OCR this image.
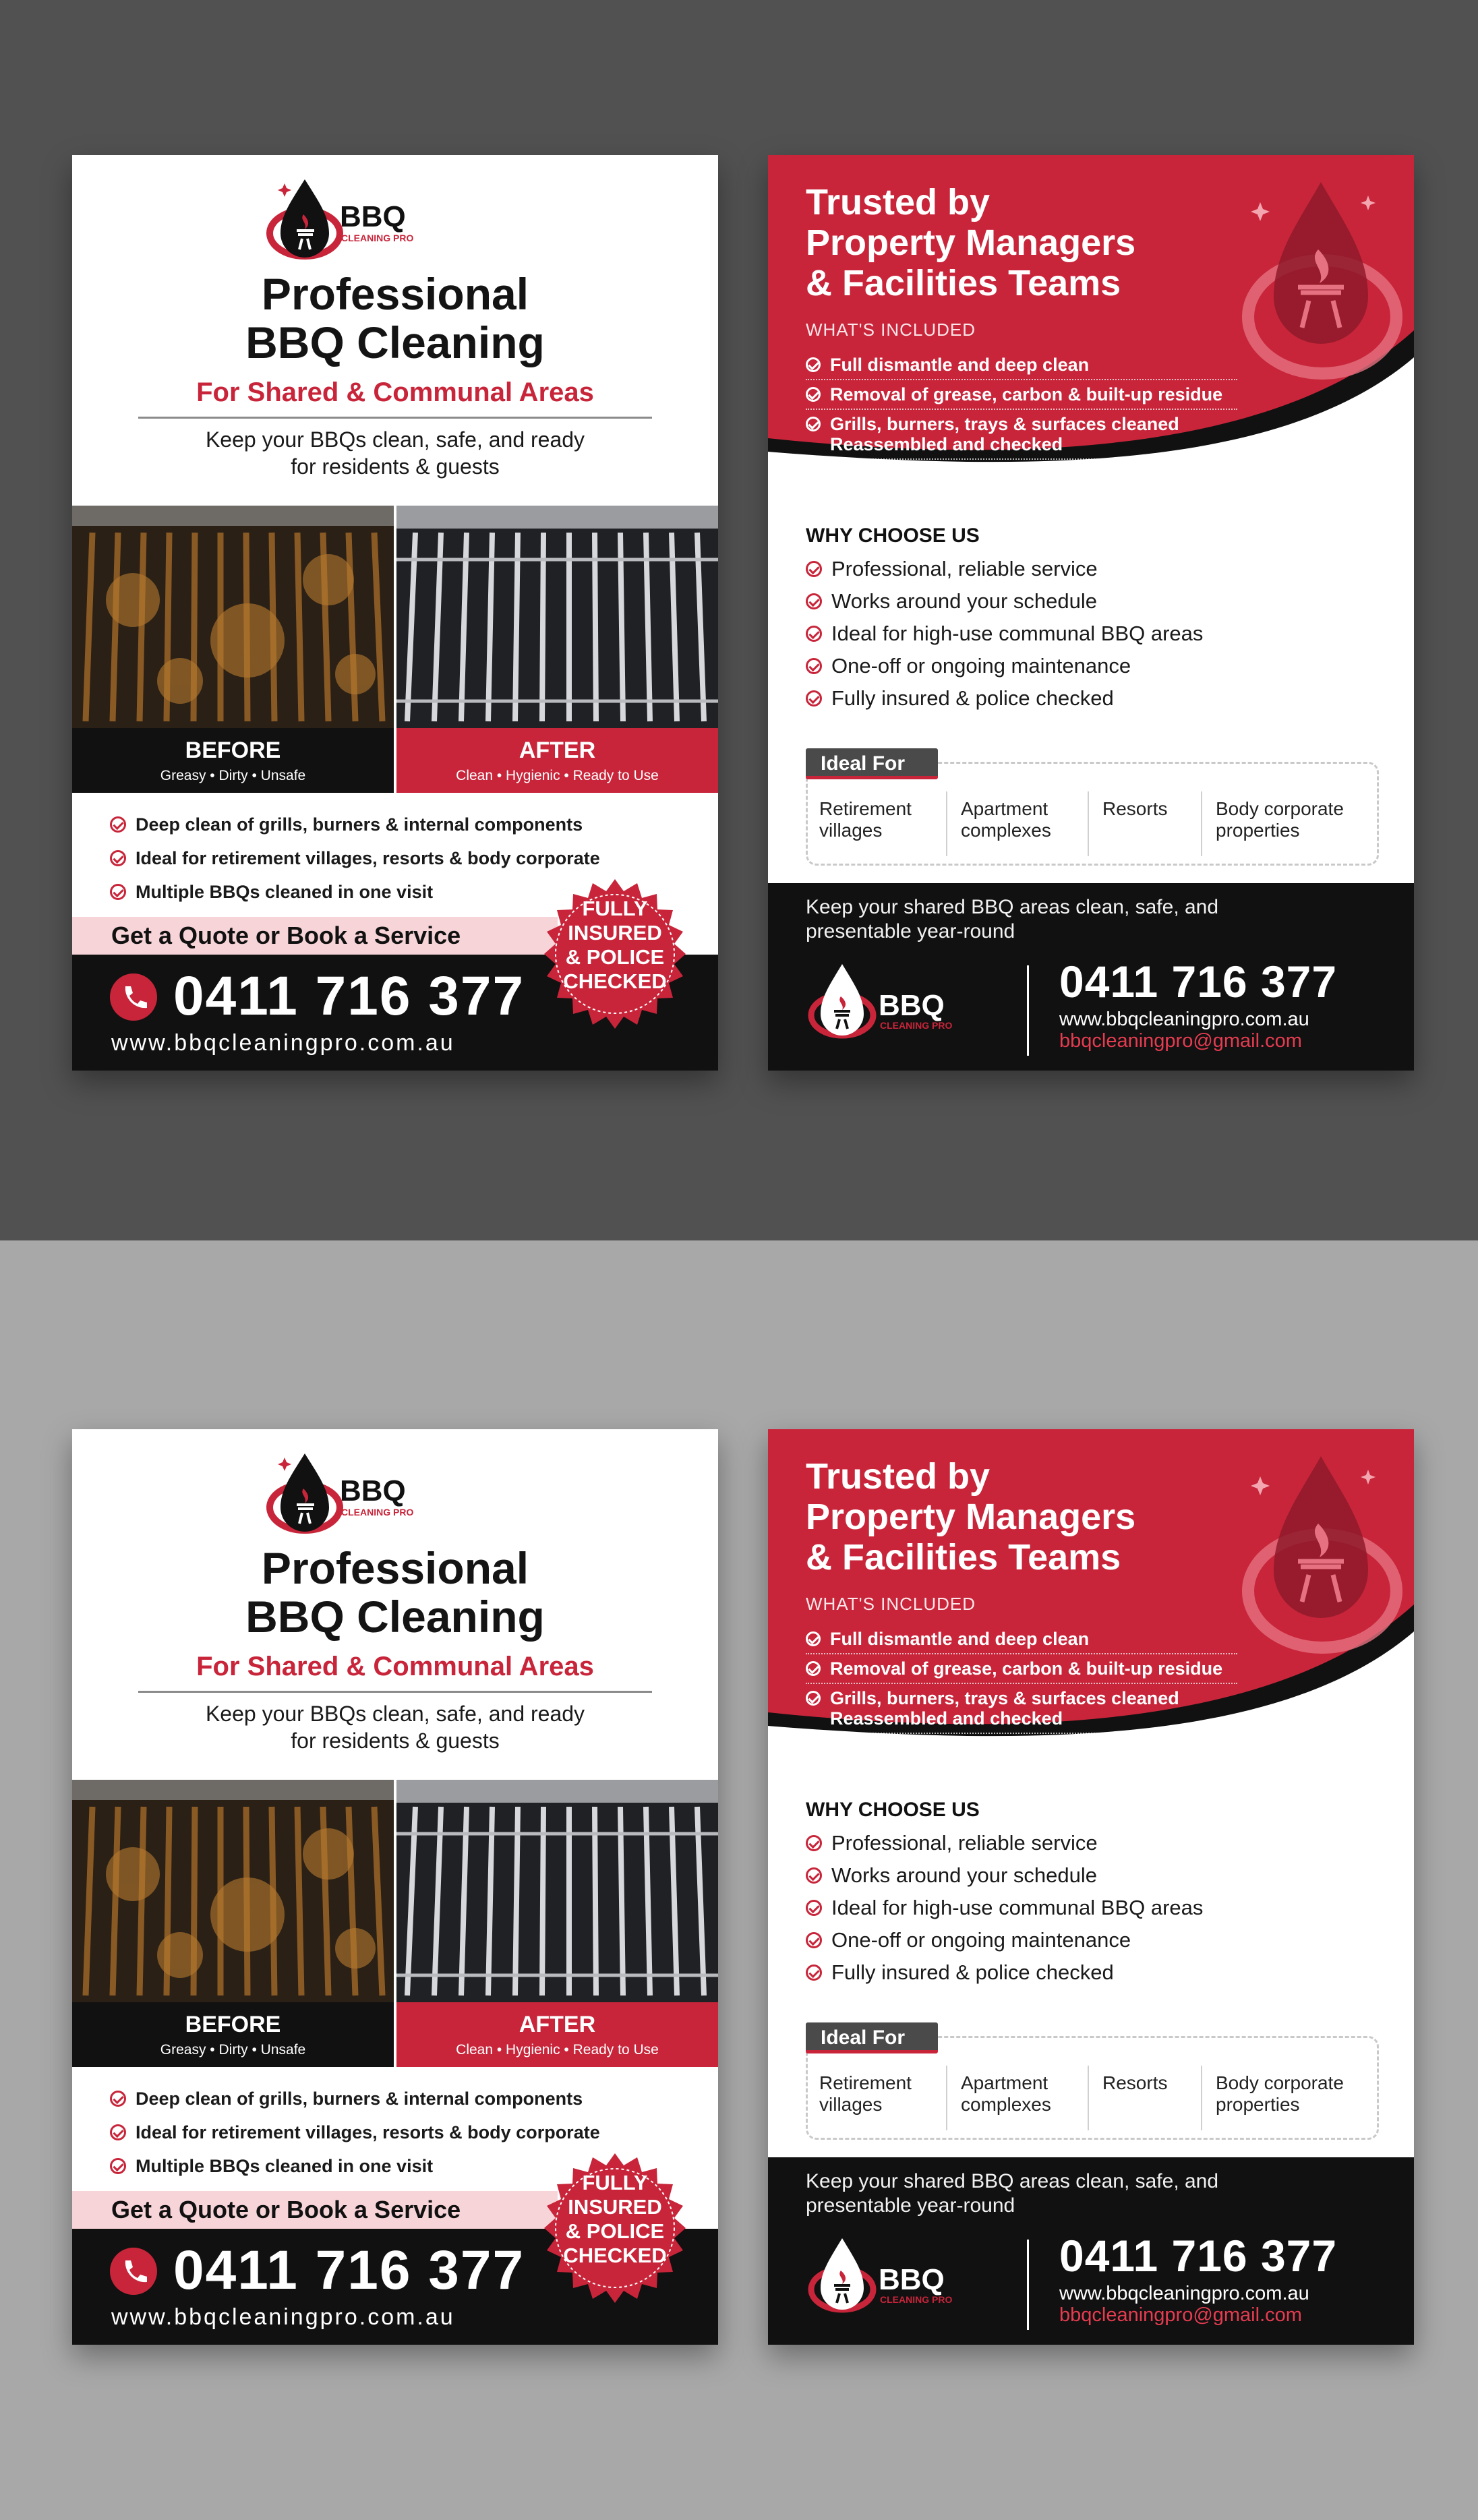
BBQ
CLEANING PRO
Professional
BBQ Cleaning
For Shared & Communal Areas
Keep your BBQs clean, safe, and ready
for residents & guests
BEFORE
Greasy • Dirty • Unsafe
AFTER
Clean • Hygienic • Ready to Use
Deep clean of grills, burners & internal components
Ideal for retirement villages, resorts & body corporate
Multiple BBQs cleaned in one visit
Get a Quote or Book a Service
0411 716 377
www.bbqcleaningpro.com.au
FULLY
INSURED
& POLICE
CHECKED
Trusted by
Property Managers
& Facilities Teams
WHAT'S INCLUDED
Full dismantle and deep clean
Removal of grease, carbon & built-up residue
Grills, burners, trays & surfaces cleaned
Reassembled and checked
WHY CHOOSE US
Professional, reliable service
Works around your schedule
Ideal for high-use communal BBQ areas
One-off or ongoing maintenance
Fully insured & police checked
Ideal For
Retirement
villages
Apartment
complexes
Resorts	Body corporate
properties
Keep your shared BBQ areas clean, safe, and
presentable year-round
BBQ
CLEANING PRO
0411 716 377
www.bbqcleaningpro.com.au
bbqcleaningpro@gmail.com
BBQ
CLEANING PRO
Professional
BBQ Cleaning
For Shared & Communal Areas
Keep your BBQs clean, safe, and ready
for residents & guests
BEFORE
Greasy • Dirty • Unsafe
AFTER
Clean • Hygienic • Ready to Use
Deep clean of grills, burners & internal components
Ideal for retirement villages, resorts & body corporate
Multiple BBQs cleaned in one visit
Get a Quote or Book a Service
0411 716 377
www.bbqcleaningpro.com.au
FULLY
INSURED
& POLICE
CHECKED
Trusted by
Property Managers
& Facilities Teams
WHAT'S INCLUDED
Full dismantle and deep clean
Removal of grease, carbon & built-up residue
Grills, burners, trays & surfaces cleaned
Reassembled and checked
WHY CHOOSE US
Professional, reliable service
Works around your schedule
Ideal for high-use communal BBQ areas
One-off or ongoing maintenance
Fully insured & police checked
Ideal For
Retirement
villages
Apartment
complexes
Resorts	Body corporate
properties
Keep your shared BBQ areas clean, safe, and
presentable year-round
BBQ
CLEANING PRO
0411 716 377
www.bbqcleaningpro.com.au
bbqcleaningpro@gmail.com
